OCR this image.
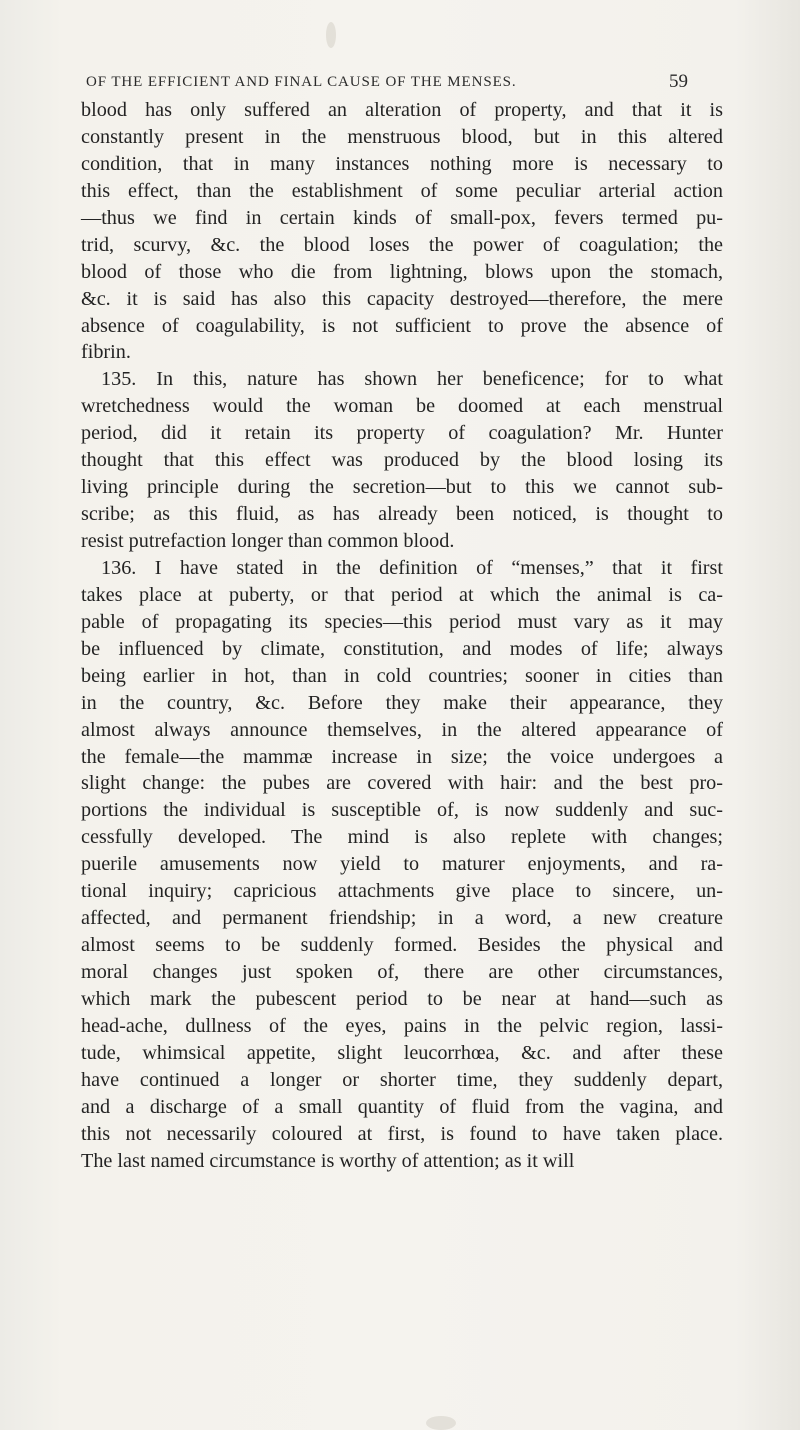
OF THE EFFICIENT AND FINAL CAUSE OF THE MENSES.	59
blood has only suffered an alteration of property, and that it is
constantly present in the menstruous blood, but in this altered
condition, that in many instances nothing more is necessary to
this effect, than the establishment of some peculiar arterial action
—thus we find in certain kinds of small-pox, fevers termed pu-
trid, scurvy, &c. the blood loses the power of coagulation; the
blood of those who die from lightning, blows upon the stomach,
&c. it is said has also this capacity destroyed—therefore, the mere
absence of coagulability, is not sufficient to prove the absence of
fibrin.
135. In this, nature has shown her beneficence; for to what
wretchedness would the woman be doomed at each menstrual
period, did it retain its property of coagulation? Mr. Hunter
thought that this effect was produced by the blood losing its
living principle during the secretion—but to this we cannot sub-
scribe; as this fluid, as has already been noticed, is thought to
resist putrefaction longer than common blood.
136. I have stated in the definition of “menses,” that it first
takes place at puberty, or that period at which the animal is ca-
pable of propagating its species—this period must vary as it may
be influenced by climate, constitution, and modes of life; always
being earlier in hot, than in cold countries; sooner in cities than
in the country, &c. Before they make their appearance, they
almost always announce themselves, in the altered appearance of
the female—the mammæ increase in size; the voice undergoes a
slight change: the pubes are covered with hair: and the best pro-
portions the individual is susceptible of, is now suddenly and suc-
cessfully developed. The mind is also replete with changes;
puerile amusements now yield to maturer enjoyments, and ra-
tional inquiry; capricious attachments give place to sincere, un-
affected, and permanent friendship; in a word, a new creature
almost seems to be suddenly formed. Besides the physical and
moral changes just spoken of, there are other circumstances,
which mark the pubescent period to be near at hand—such as
head-ache, dullness of the eyes, pains in the pelvic region, lassi-
tude, whimsical appetite, slight leucorrhœa, &c. and after these
have continued a longer or shorter time, they suddenly depart,
and a discharge of a small quantity of fluid from the vagina, and
this not necessarily coloured at first, is found to have taken place.
The last named circumstance is worthy of attention; as it will
